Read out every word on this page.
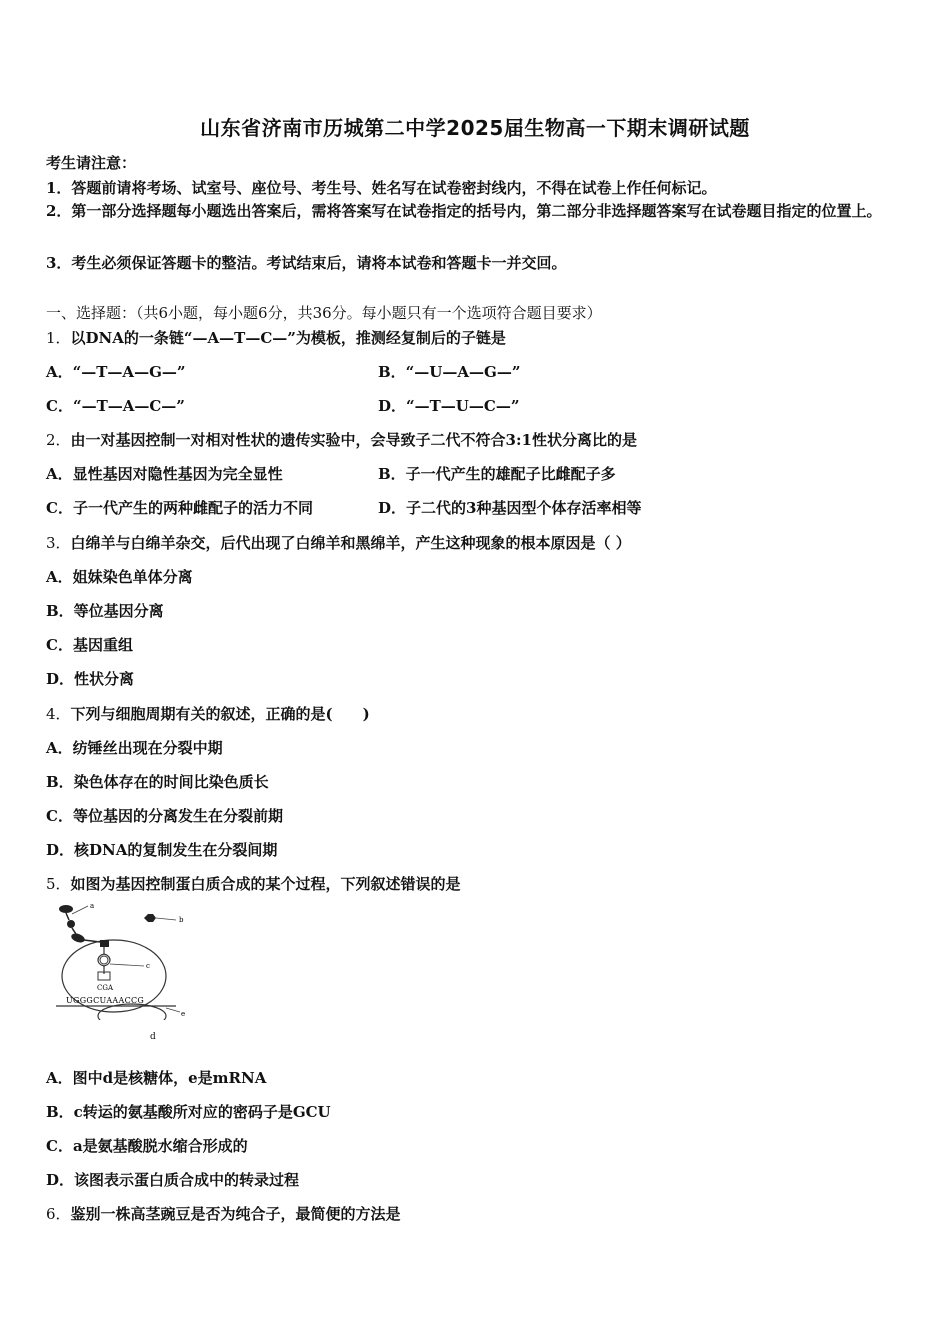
山东省济南市历城第二中学2025届生物高一下期末调研试题
考生请注意：
1．答题前请将考场、试室号、座位号、考生号、姓名写在试卷密封线内，不得在试卷上作任何标记。
2．第一部分选择题每小题选出答案后，需将答案写在试卷指定的括号内，第二部分非选择题答案写在试卷题目指定的位置上。
3．考生必须保证答题卡的整洁。考试结束后，请将本试卷和答题卡一并交回。
一、选择题：（共6小题，每小题6分，共36分。每小题只有一个选项符合题目要求）
1．以DNA的一条链“—A—T—C—”为模板，推测经复制后的子链是
A．“—T—A—G—”	B．“—U—A—G—”
C．“—T—A—C—”	D．“—T—U—C—”
2．由一对基因控制一对相对性状的遗传实验中，会导致子二代不符合3:1性状分离比的是
A．显性基因对隐性基因为完全显性	B．子一代产生的雄配子比雌配子多
C．子一代产生的两种雌配子的活力不同	D．子二代的3种基因型个体存活率相等
3．白绵羊与白绵羊杂交，后代出现了白绵羊和黑绵羊，产生这种现象的根本原因是（ ）
A．姐妹染色单体分离
B．等位基因分离
C．基因重组
D．性状分离
4．下列与细胞周期有关的叙述，正确的是(　　)
A．纺锤丝出现在分裂中期
B．染色体存在的时间比染色质长
C．等位基因的分离发生在分裂前期
D．核DNA的复制发生在分裂间期
5．如图为基因控制蛋白质合成的某个过程，下列叙述错误的是
a
b
c
CGA
UGGGCUAAACCG
e
d
A．图中d是核糖体，e是mRNA
B．c转运的氨基酸所对应的密码子是GCU
C．a是氨基酸脱水缩合形成的
D．该图表示蛋白质合成中的转录过程
6．鉴别一株高茎豌豆是否为纯合子，最简便的方法是
